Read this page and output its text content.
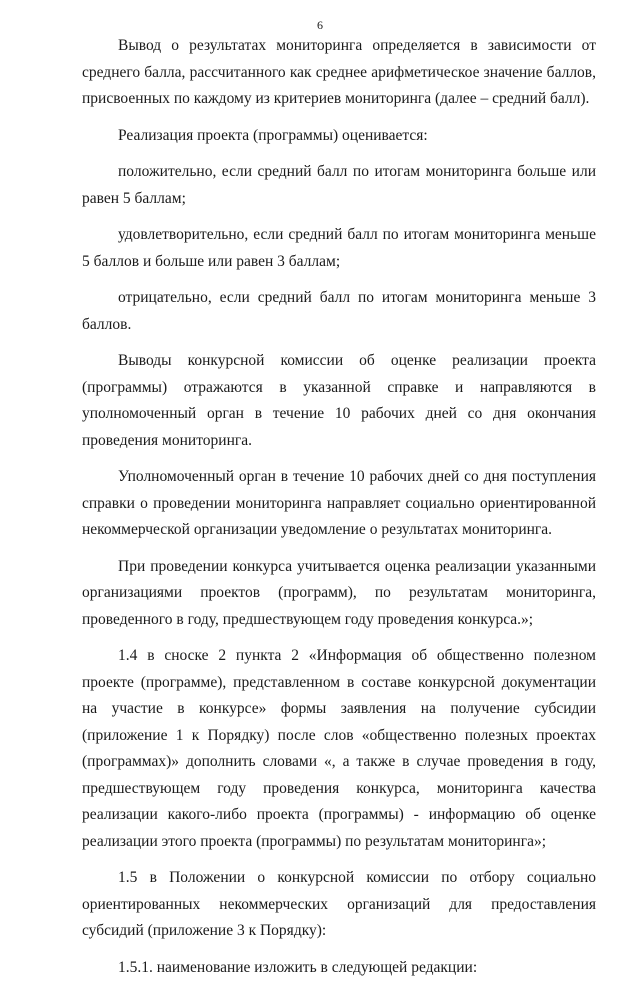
6

Вывод о результатах мониторинга определяется в зависимости от среднего балла, рассчитанного как среднее арифметическое значение баллов, присвоенных по каждому из критериев мониторинга (далее – средний балл).

Реализация проекта (программы) оценивается:

положительно, если средний балл по итогам мониторинга больше или равен 5 баллам;

удовлетворительно, если средний балл по итогам мониторинга меньше 5 баллов и больше или равен 3 баллам;

отрицательно, если средний балл по итогам мониторинга меньше 3 баллов.

Выводы конкурсной комиссии об оценке реализации проекта (программы) отражаются в указанной справке и направляются в уполномоченный орган в течение 10 рабочих дней со дня окончания проведения мониторинга.

Уполномоченный орган в течение 10 рабочих дней со дня поступления справки о проведении мониторинга направляет социально ориентированной некоммерческой организации уведомление о результатах мониторинга.

При проведении конкурса учитывается оценка реализации указанными организациями проектов (программ), по результатам мониторинга, проведенного в году, предшествующем году проведения конкурса.»;

1.4 в сноске 2 пункта 2 «Информация об общественно полезном проекте (программе), представленном в составе конкурсной документации на участие в конкурсе» формы заявления на получение субсидии (приложение 1 к Порядку) после слов «общественно полезных проектах (программах)» дополнить словами «, а также в случае проведения в году, предшествующем году проведения конкурса, мониторинга качества реализации какого-либо проекта (программы) - информацию об оценке реализации этого проекта (программы) по результатам мониторинга»;

1.5 в Положении о конкурсной комиссии по отбору социально ориентированных некоммерческих организаций для предоставления субсидий (приложение 3 к Порядку):

1.5.1. наименование изложить в следующей редакции:
